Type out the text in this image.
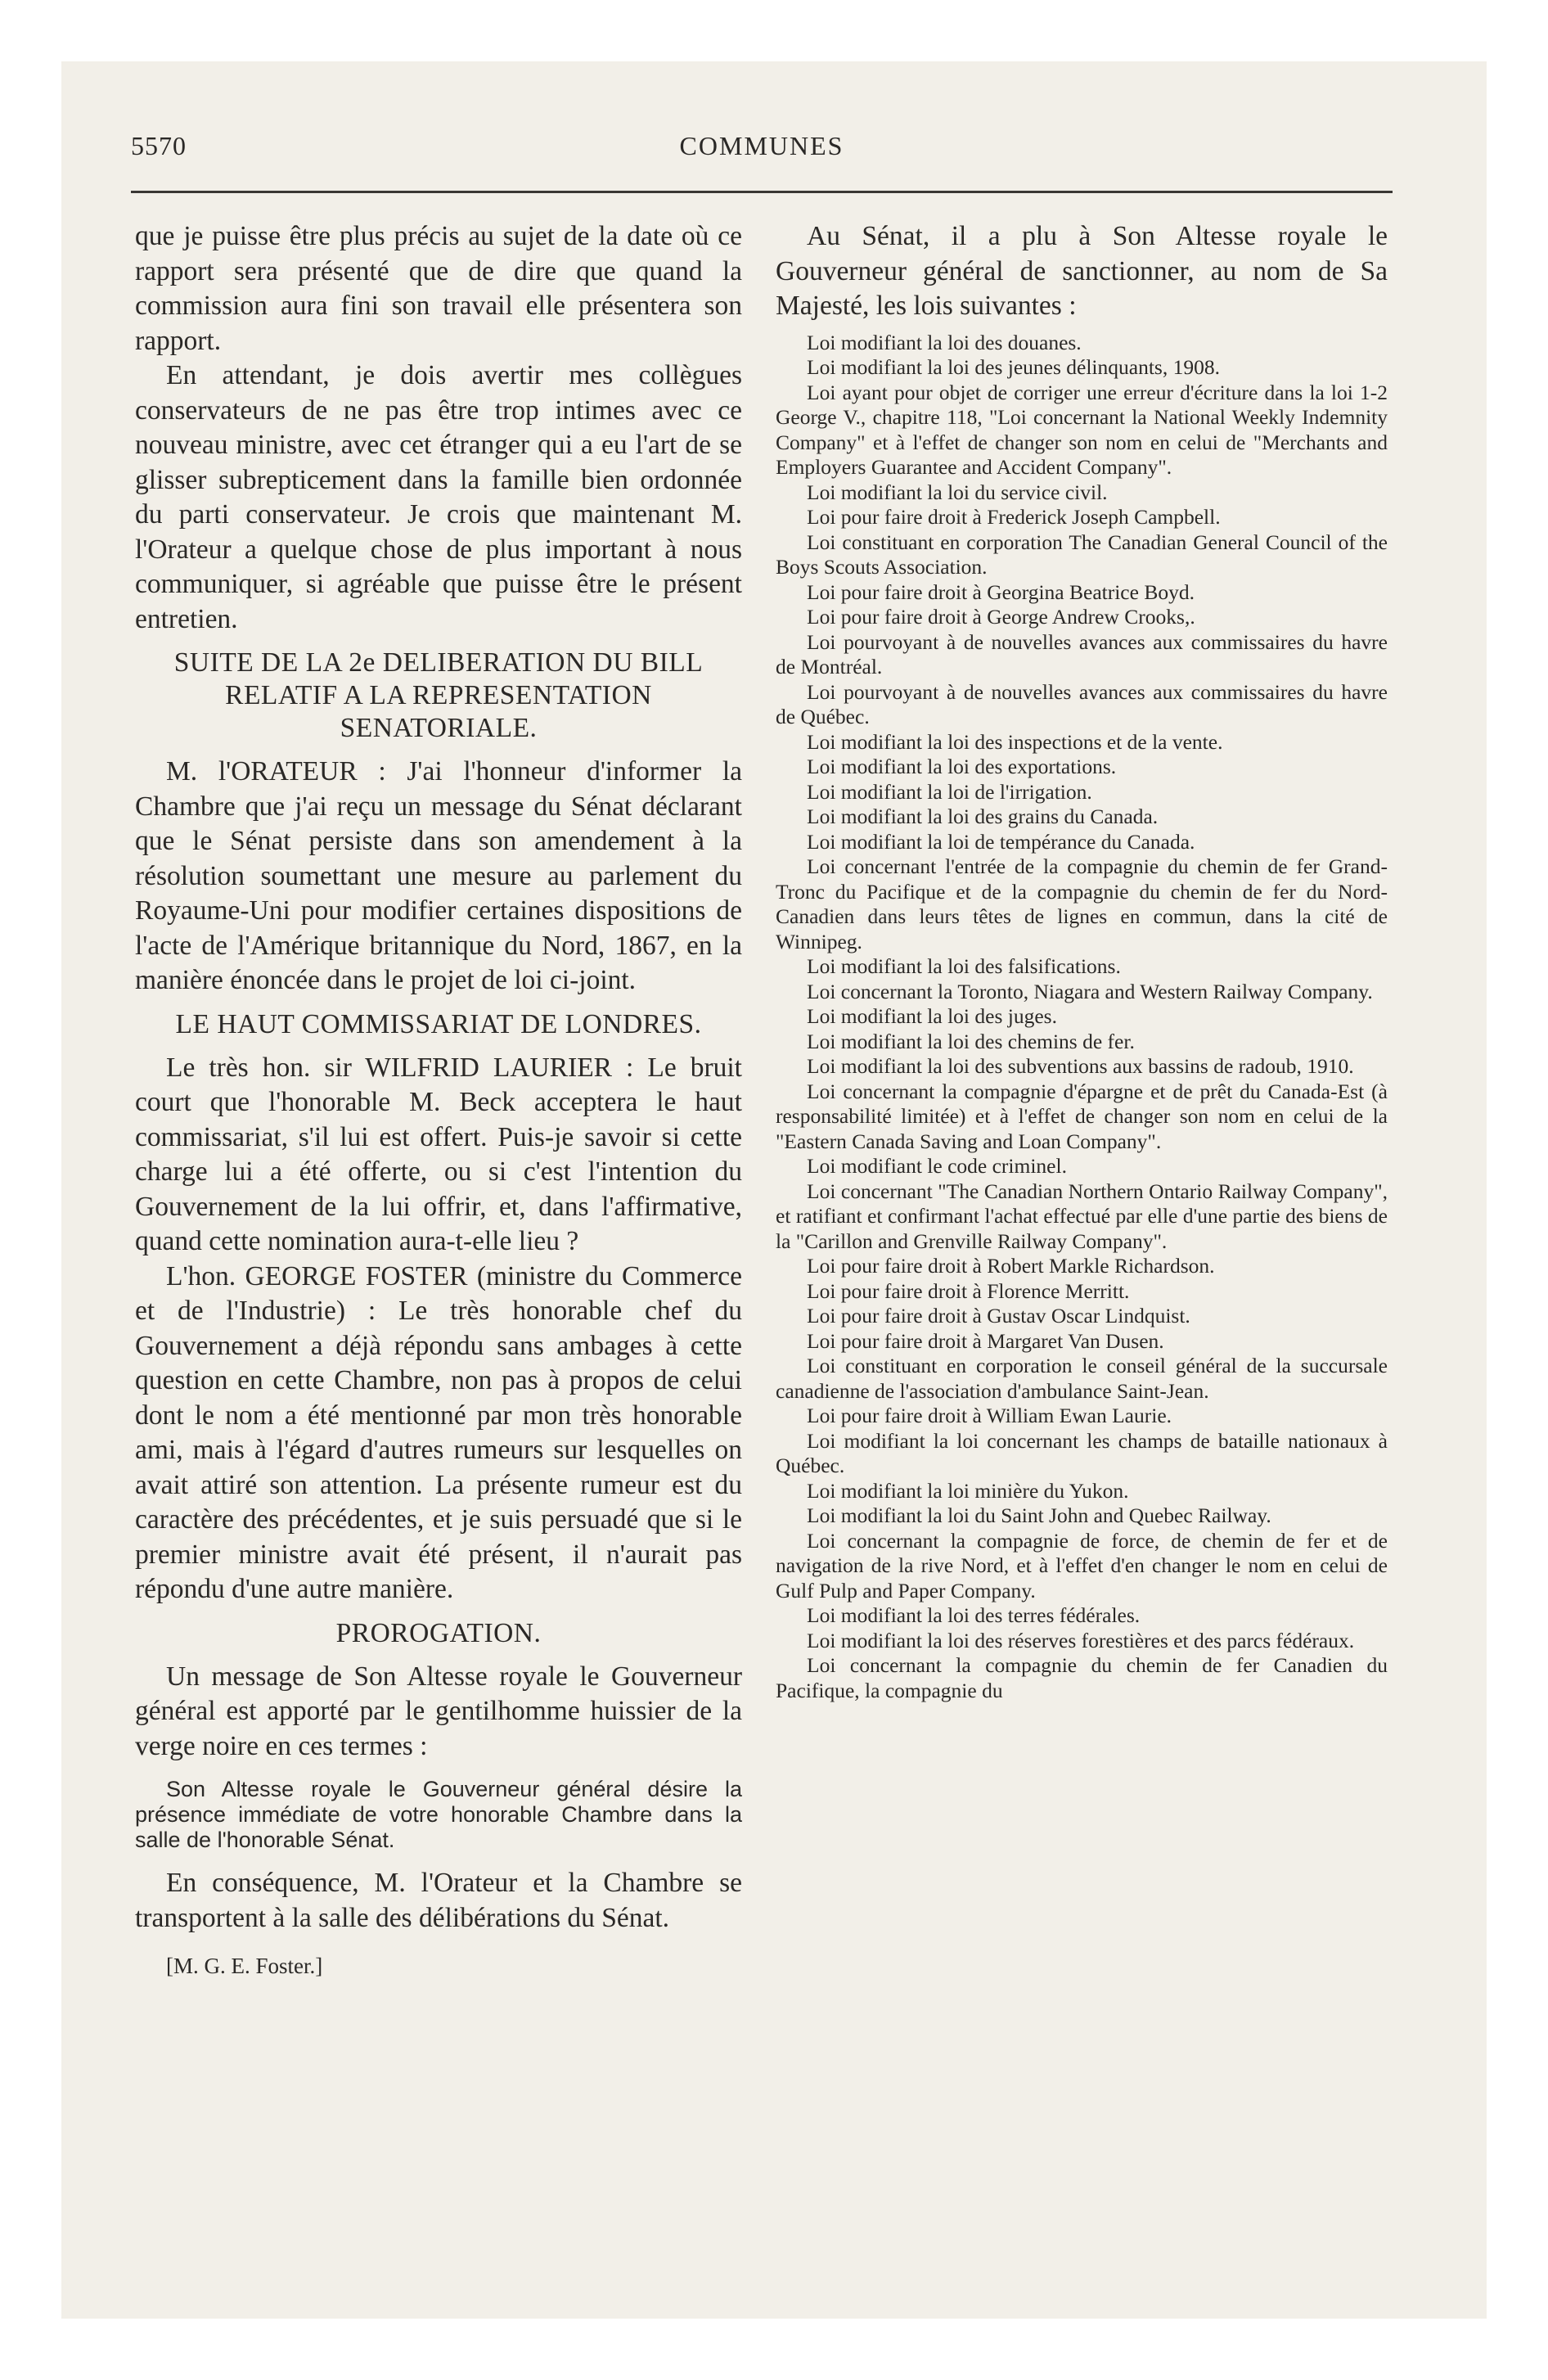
5570	COMMUNES

que je puisse être plus précis au sujet de la date où ce rapport sera présenté que de dire que quand la commission aura fini son travail elle présentera son rapport.

En attendant, je dois avertir mes collègues conservateurs de ne pas être trop intimes avec ce nouveau ministre, avec cet étranger qui a eu l'art de se glisser subrepticement dans la famille bien ordonnée du parti conservateur. Je crois que maintenant M. l'Orateur a quelque chose de plus important à nous communiquer, si agréable que puisse être le présent entretien.

SUITE DE LA 2e DELIBERATION DU BILL RELATIF A LA REPRESENTATION SENATORIALE.

M. l'ORATEUR : J'ai l'honneur d'informer la Chambre que j'ai reçu un message du Sénat déclarant que le Sénat persiste dans son amendement à la résolution soumettant une mesure au parlement du Royaume-Uni pour modifier certaines dispositions de l'acte de l'Amérique britannique du Nord, 1867, en la manière énoncée dans le projet de loi ci-joint.

LE HAUT COMMISSARIAT DE LONDRES.

Le très hon. sir WILFRID LAURIER : Le bruit court que l'honorable M. Beck accepterа le haut commissariat, s'il lui est offert. Puis-je savoir si cette charge lui a été offerte, ou si c'est l'intention du Gouvernement de la lui offrir, et, dans l'affirmative, quand cette nomination aura-t-elle lieu ?

L'hon. GEORGE FOSTER (ministre du Commerce et de l'Industrie) : Le très honorable chef du Gouvernement a déjà répondu sans ambages à cette question en cette Chambre, non pas à propos de celui dont le nom a été mentionné par mon très honorable ami, mais à l'égard d'autres rumeurs sur lesquelles on avait attiré son attention. La présente rumeur est du caractère des précédentes, et je suis persuadé que si le premier ministre avait été présent, il n'aurait pas répondu d'une autre manière.

PROROGATION.

Un message de Son Altesse royale le Gouverneur général est apporté par le gentilhomme huissier de la verge noire en ces termes :

Son Altesse royale le Gouverneur général désire la présence immédiate de votre honorable Chambre dans la salle de l'honorable Sénat.

En conséquence, M. l'Orateur et la Chambre se transportent à la salle des délibérations du Sénat.

[M. G. E. Foster.]

Au Sénat, il a plu à Son Altesse royale le Gouverneur général de sanctionner, au nom de Sa Majesté, les lois suivantes :

Loi modifiant la loi des douanes.
Loi modifiant la loi des jeunes délinquants, 1908.
Loi ayant pour objet de corriger une erreur d'écriture dans la loi 1-2 George V., chapitre 118, "Loi concernant la National Weekly Indemnity Company" et à l'effet de changer son nom en celui de "Merchants and Employers Guarantee and Accident Company".
Loi modifiant la loi du service civil.
Loi pour faire droit à Frederick Joseph Campbell.
Loi constituant en corporation The Canadian General Council of the Boys Scouts Association.
Loi pour faire droit à Georgina Beatrice Boyd.
Loi pour faire droit à George Andrew Crooks,.
Loi pourvoyant à de nouvelles avances aux commissaires du havre de Montréal.
Loi pourvoyant à de nouvelles avances aux commissaires du havre de Québec.
Loi modifiant la loi des inspections et de la vente.
Loi modifiant la loi des exportations.
Loi modifiant la loi de l'irrigation.
Loi modifiant la loi des grains du Canada.
Loi modifiant la loi de tempérance du Canada.
Loi concernant l'entrée de la compagnie du chemin de fer Grand-Tronc du Pacifique et de la compagnie du chemin de fer du Nord-Canadien dans leurs têtes de lignes en commun, dans la cité de Winnipeg.
Loi modifiant la loi des falsifications.
Loi concernant la Toronto, Niagara and Western Railway Company.
Loi modifiant la loi des juges.
Loi modifiant la loi des chemins de fer.
Loi modifiant la loi des subventions aux bassins de radoub, 1910.
Loi concernant la compagnie d'épargne et de prêt du Canada-Est (à responsabilité limitée) et à l'effet de changer son nom en celui de la "Eastern Canada Saving and Loan Company".
Loi modifiant le code criminel.
Loi concernant "The Canadian Northern Ontario Railway Company", et ratifiant et confirmant l'achat effectué par elle d'une partie des biens de la "Carillon and Grenville Railway Company".
Loi pour faire droit à Robert Markle Richardson.
Loi pour faire droit à Florence Merritt.
Loi pour faire droit à Gustav Oscar Lindquist.
Loi pour faire droit à Margaret Van Dusen.
Loi constituant en corporation le conseil général de la succursale canadienne de l'association d'ambulance Saint-Jean.
Loi pour faire droit à William Ewan Laurie.
Loi modifiant la loi concernant les champs de bataille nationaux à Québec.
Loi modifiant la loi minière du Yukon.
Loi modifiant la loi du Saint John and Quebec Railway.
Loi concernant la compagnie de force, de chemin de fer et de navigation de la rive Nord, et à l'effet d'en changer le nom en celui de Gulf Pulp and Paper Company.
Loi modifiant la loi des terres fédérales.
Loi modifiant la loi des réserves forestières et des parcs fédéraux.
Loi concernant la compagnie du chemin de fer Canadien du Pacifique, la compagnie du
